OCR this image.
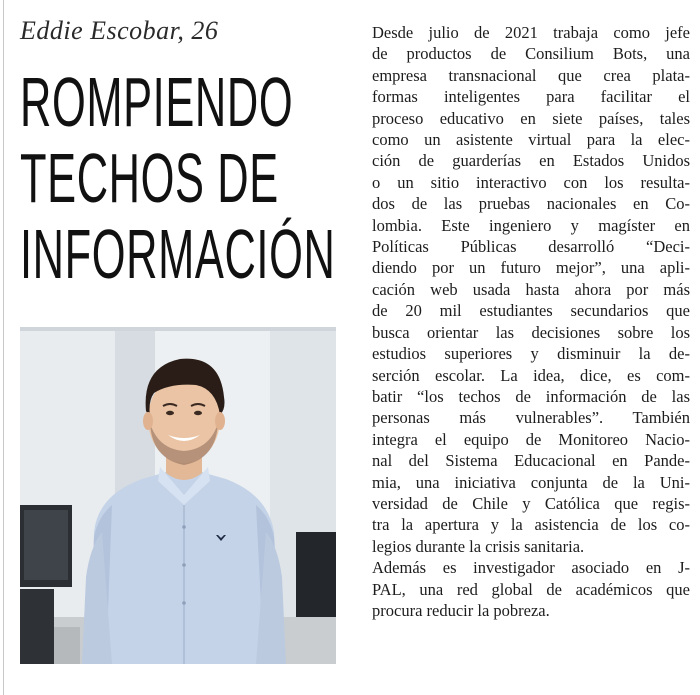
Eddie Escobar, 26
ROMPIENDO
TECHOS DE
INFORMACIÓN
Desde julio de 2021 trabaja como jefe
de productos de Consilium Bots, una
empresa transnacional que crea plata-
formas inteligentes para facilitar el
proceso educativo en siete países, tales
como un asistente virtual para la elec-
ción de guarderías en Estados Unidos
o un sitio interactivo con los resulta-
dos de las pruebas nacionales en Co-
lombia. Este ingeniero y magíster en
Políticas Públicas desarrolló “Deci-
diendo por un futuro mejor”, una apli-
cación web usada hasta ahora por más
de 20 mil estudiantes secundarios que
busca orientar las decisiones sobre los
estudios superiores y disminuir la de-
serción escolar. La idea, dice, es com-
batir “los techos de información de las
personas más vulnerables”. También
integra el equipo de Monitoreo Nacio-
nal del Sistema Educacional en Pande-
mia, una iniciativa conjunta de la Uni-
versidad de Chile y Católica que regis-
tra la apertura y la asistencia de los co-
legios durante la crisis sanitaria.
Además es investigador asociado en J-
PAL, una red global de académicos que
procura reducir la pobreza.
